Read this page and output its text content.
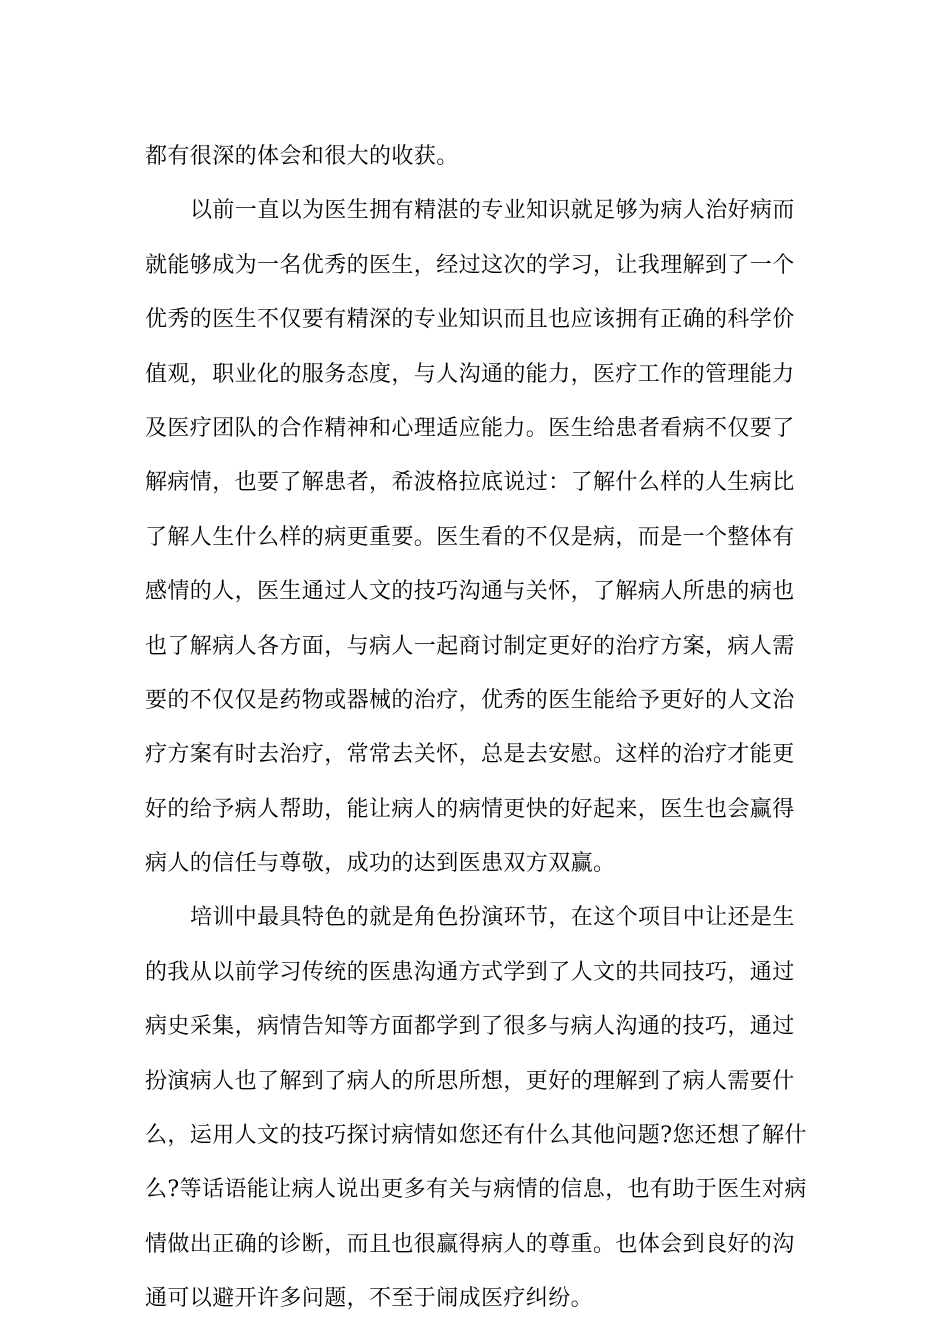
都有很深的体会和很大的收获。
以前一直以为医生拥有精湛的专业知识就足够为病人治好病而
就能够成为一名优秀的医生，经过这次的学习，让我理解到了一个
优秀的医生不仅要有精深的专业知识而且也应该拥有正确的科学价
值观，职业化的服务态度，与人沟通的能力，医疗工作的管理能力
及医疗团队的合作精神和心理适应能力。医生给患者看病不仅要了
解病情，也要了解患者，希波格拉底说过：了解什么样的人生病比
了解人生什么样的病更重要。医生看的不仅是病，而是一个整体有
感情的人，医生通过人文的技巧沟通与关怀，了解病人所患的病也
也了解病人各方面，与病人一起商讨制定更好的治疗方案，病人需
要的不仅仅是药物或器械的治疗，优秀的医生能给予更好的人文治
疗方案有时去治疗，常常去关怀，总是去安慰。这样的治疗才能更
好的给予病人帮助，能让病人的病情更快的好起来，医生也会赢得
病人的信任与尊敬，成功的达到医患双方双赢。
培训中最具特色的就是角色扮演环节，在这个项目中让还是生
的我从以前学习传统的医患沟通方式学到了人文的共同技巧，通过
病史采集，病情告知等方面都学到了很多与病人沟通的技巧，通过
扮演病人也了解到了病人的所思所想，更好的理解到了病人需要什
么，运用人文的技巧探讨病情如您还有什么其他问题?您还想了解什
么?等话语能让病人说出更多有关与病情的信息，也有助于医生对病
情做出正确的诊断，而且也很赢得病人的尊重。也体会到良好的沟
通可以避开许多问题，不至于闹成医疗纠纷。
